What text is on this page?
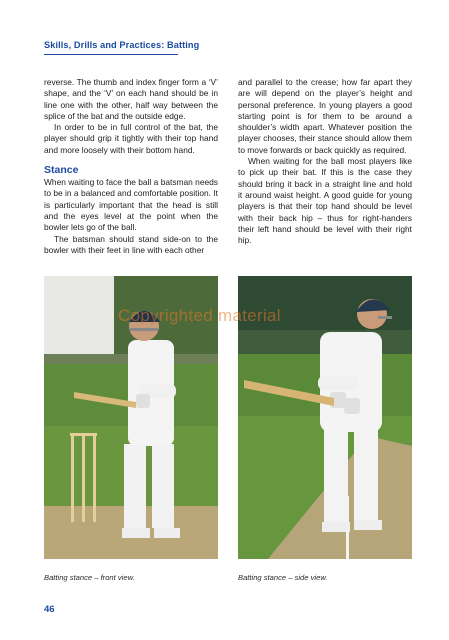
Skills, Drills and Practices: Batting

reverse. The thumb and index finger form a ‘V’ shape, and the ‘V’ on each hand should be in line one with the other, half way between the splice of the bat and the outside edge.

In order to be in full control of the bat, the player should grip it tightly with their top hand and more loosely with their bottom hand.

Stance

When waiting to face the ball a batsman needs to be in a balanced and comfortable position. It is particularly important that the head is still and the eyes level at the point when the bowler lets go of the ball.

The batsman should stand side-on to the bowler with their feet in line with each other

and parallel to the crease; how far apart they are will depend on the player’s height and personal preference. In young players a good starting point is for them to be around a shoulder’s width apart. Whatever position the player chooses, their stance should allow them to move forwards or back quickly as required.

When waiting for the ball most players like to pick up their bat. If this is the case they should bring it back in a straight line and hold it around waist height. A good guide for young players is that their top hand should be level with their back hip – thus for right-handers their left hand should be level with their right hip.

Copyrighted material
Batting stance – front view.	Batting stance – side view.
46
